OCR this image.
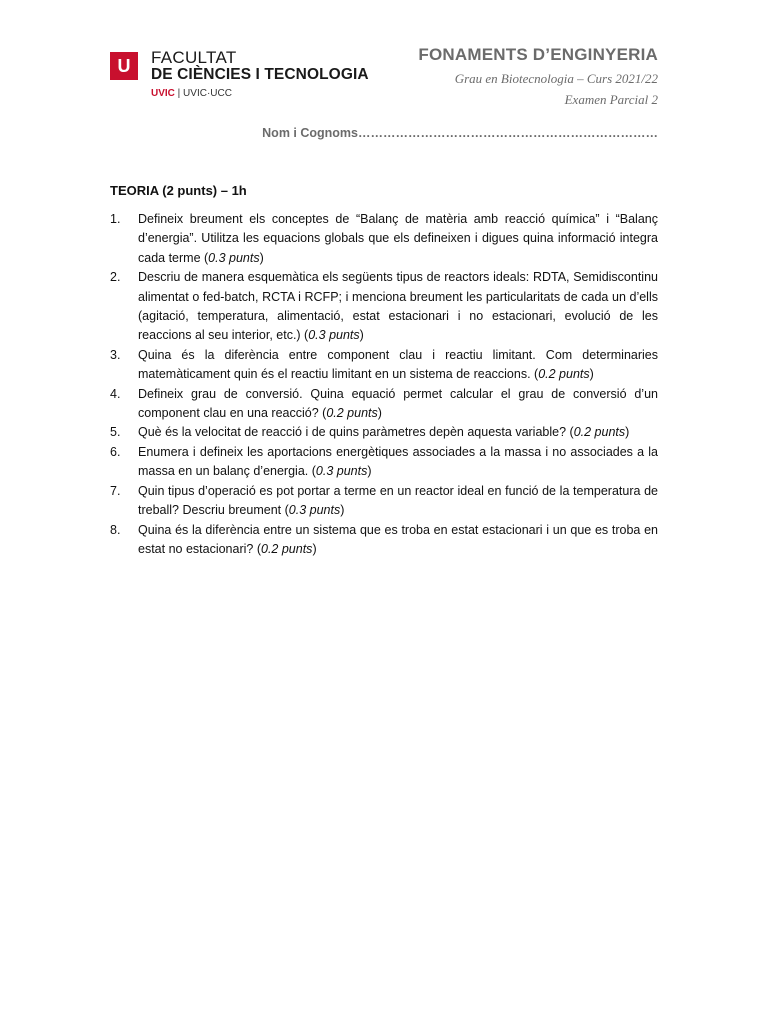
U FACULTAT
DE CIÈNCIES I TECNOLOGIA
UVIC | UVIC·UCC
FONAMENTS D’ENGINYERIA
Grau en Biotecnologia – Curs 2021/22
Examen Parcial 2
Nom i Cognoms………………………………………………………………
TEORIA (2 punts) – 1h
1. Defineix breument els conceptes de “Balanç de matèria amb reacció química” i “Balanç d’energia”. Utilitza les equacions globals que els defineixen i digues quina informació integra cada terme (0.3 punts)
2. Descriu de manera esquemàtica els següents tipus de reactors ideals: RDTA, Semidiscontinu alimentat o fed-batch, RCTA i RCFP; i menciona breument les particularitats de cada un d’ells (agitació, temperatura, alimentació, estat estacionari i no estacionari, evolució de les reaccions al seu interior, etc.) (0.3 punts)
3. Quina és la diferència entre component clau i reactiu limitant. Com determinaries matemàticament quin és el reactiu limitant en un sistema de reaccions. (0.2 punts)
4. Defineix grau de conversió. Quina equació permet calcular el grau de conversió d’un component clau en una reacció? (0.2 punts)
5. Què és la velocitat de reacció i de quins paràmetres depèn aquesta variable? (0.2 punts)
6. Enumera i defineix les aportacions energètiques associades a la massa i no associades a la massa en un balanç d’energia. (0.3 punts)
7. Quin tipus d’operació es pot portar a terme en un reactor ideal en funció de la temperatura de treball? Descriu breument (0.3 punts)
8. Quina és la diferència entre un sistema que es troba en estat estacionari i un que es troba en estat no estacionari? (0.2 punts)
